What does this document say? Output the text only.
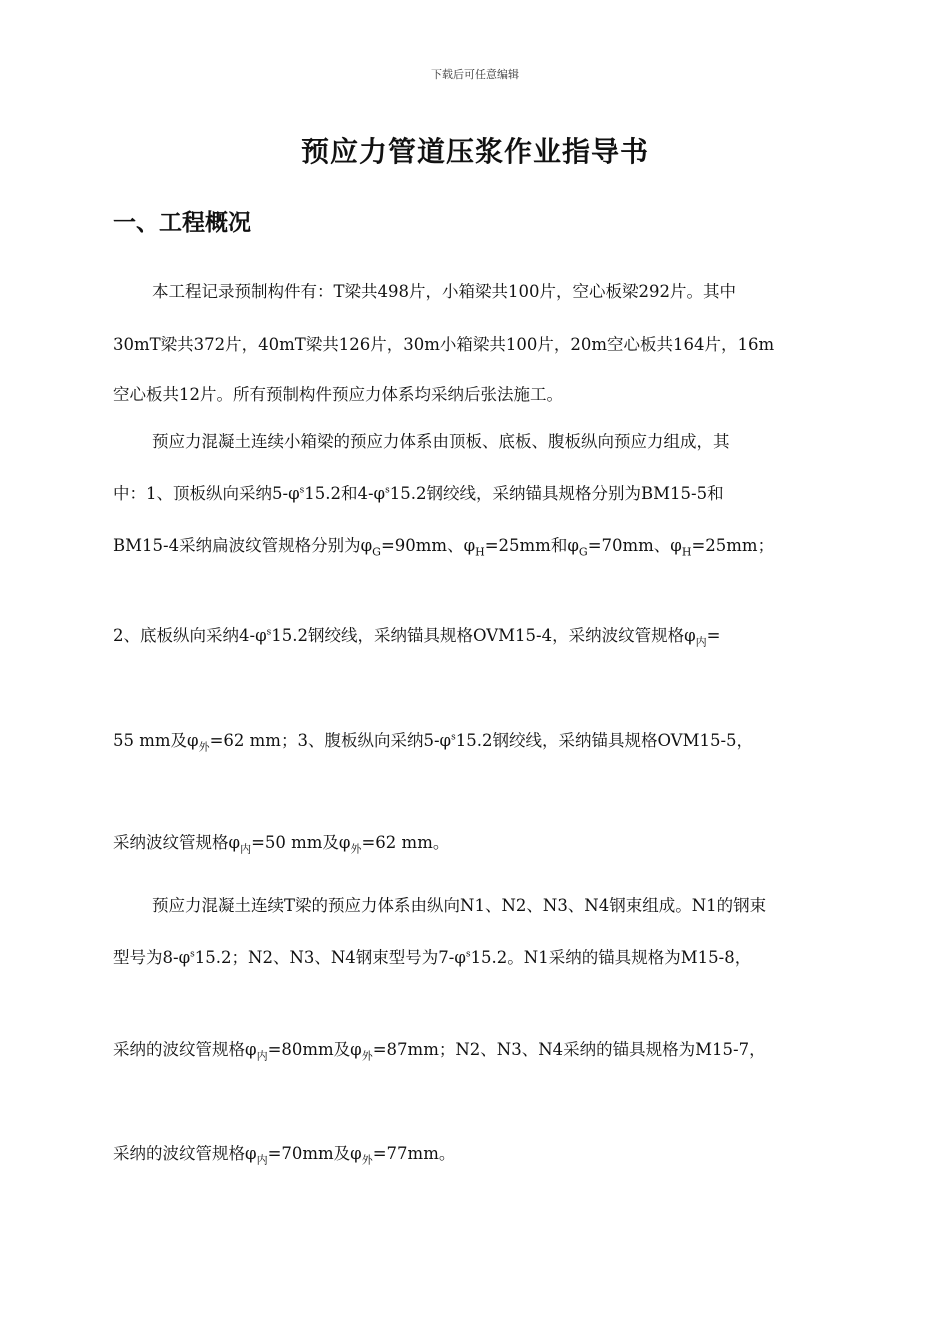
下载后可任意编辑
预应力管道压浆作业指导书
一、工程概况
本工程记录预制构件有：T梁共498片，小箱梁共100片，空心板梁292片。其中
30mT梁共372片，40mT梁共126片，30m小箱梁共100片，20m空心板共164片，16m
空心板共12片。所有预制构件预应力体系均采纳后张法施工。
预应力混凝土连续小箱梁的预应力体系由顶板、底板、腹板纵向预应力组成，其
中：1、顶板纵向采纳$5-\varphi^s15.2$和$4-\varphi^s15.2$钢绞线，采纳锚具规格分别为BM15-5和
BM15-4采纳扁波纹管规格分别为$\varphi_G=90mm$、$\varphi_H=25mm$和$\varphi_G=70mm$、$\varphi_H=25mm$；
2、底板纵向采纳$4-\varphi^s15.2$钢绞线，采纳锚具规格OVM15-4，采纳波纹管规格$\varphi_内=$
55 mm及$\varphi_外=62$ mm；3、腹板纵向采纳$5-\varphi^s15.2$钢绞线，采纳锚具规格OVM15-5，
采纳波纹管规格$\varphi_内=50$ mm及$\varphi_外=62$ mm。
预应力混凝土连续T梁的预应力体系由纵向N1、N2、N3、N4钢束组成。N1的钢束
型号为$8-\varphi^s15.2$；N2、N3、N4钢束型号为$7-\varphi^s15.2$。N1采纳的锚具规格为M15-8，
采纳的波纹管规格$\varphi_内=80mm$及$\varphi_外=87mm$；N2、N3、N4采纳的锚具规格为M15-7，
采纳的波纹管规格$\varphi_内=70mm$及$\varphi_外=77mm$。
